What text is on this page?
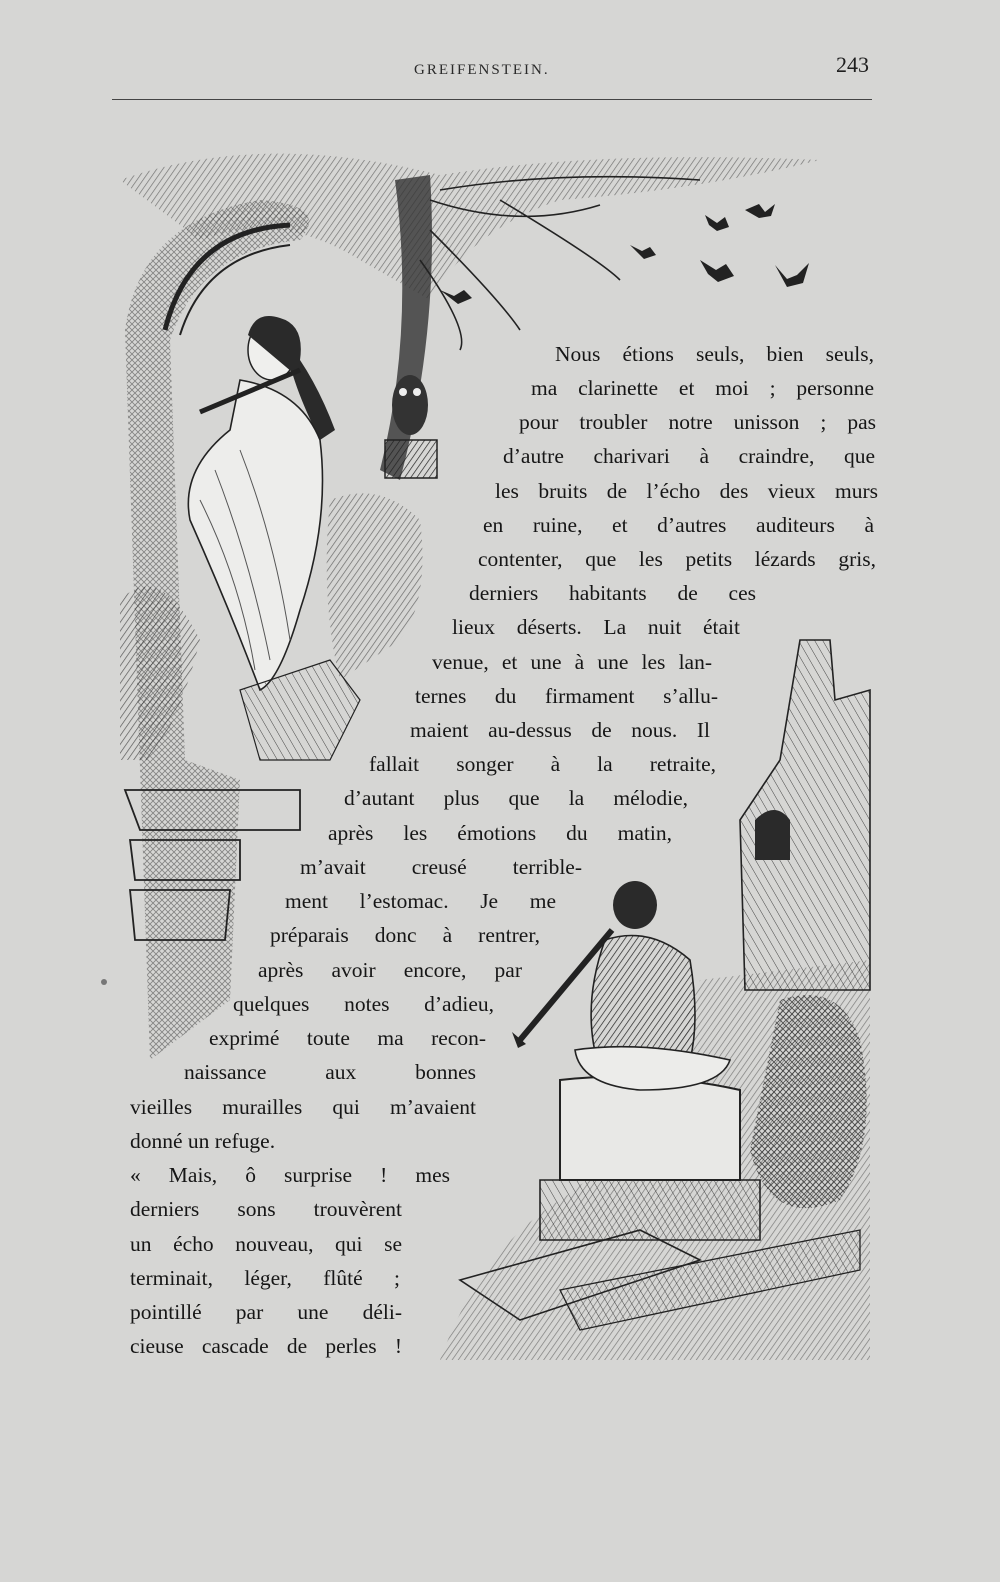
GREIFENSTEIN.	243
Nous étions seuls, bien seuls,
ma clarinette et moi ; personne
pour troubler notre unisson ; pas
d’autre charivari à craindre, que
les bruits de l’écho des vieux murs
en ruine, et d’autres auditeurs à
contenter, que les petits lézards gris,
derniers habitants de ces
lieux déserts. La nuit était
venue, et une à une les lan-
ternes du firmament s’allu-
maient au-dessus de nous. Il
fallait songer à la retraite,
d’autant plus que la mélodie,
après les émotions du matin,
m’avait creusé terrible-
ment l’estomac. Je me
préparais donc à rentrer,
après avoir encore, par
quelques notes d’adieu,
exprimé toute ma recon-
naissance aux bonnes
vieilles murailles qui m’avaient
donné un refuge.
« Mais, ô surprise ! mes
derniers sons trouvèrent
un écho nouveau, qui se
terminait, léger, flûté ;
pointillé par une déli-
cieuse cascade de perles !
